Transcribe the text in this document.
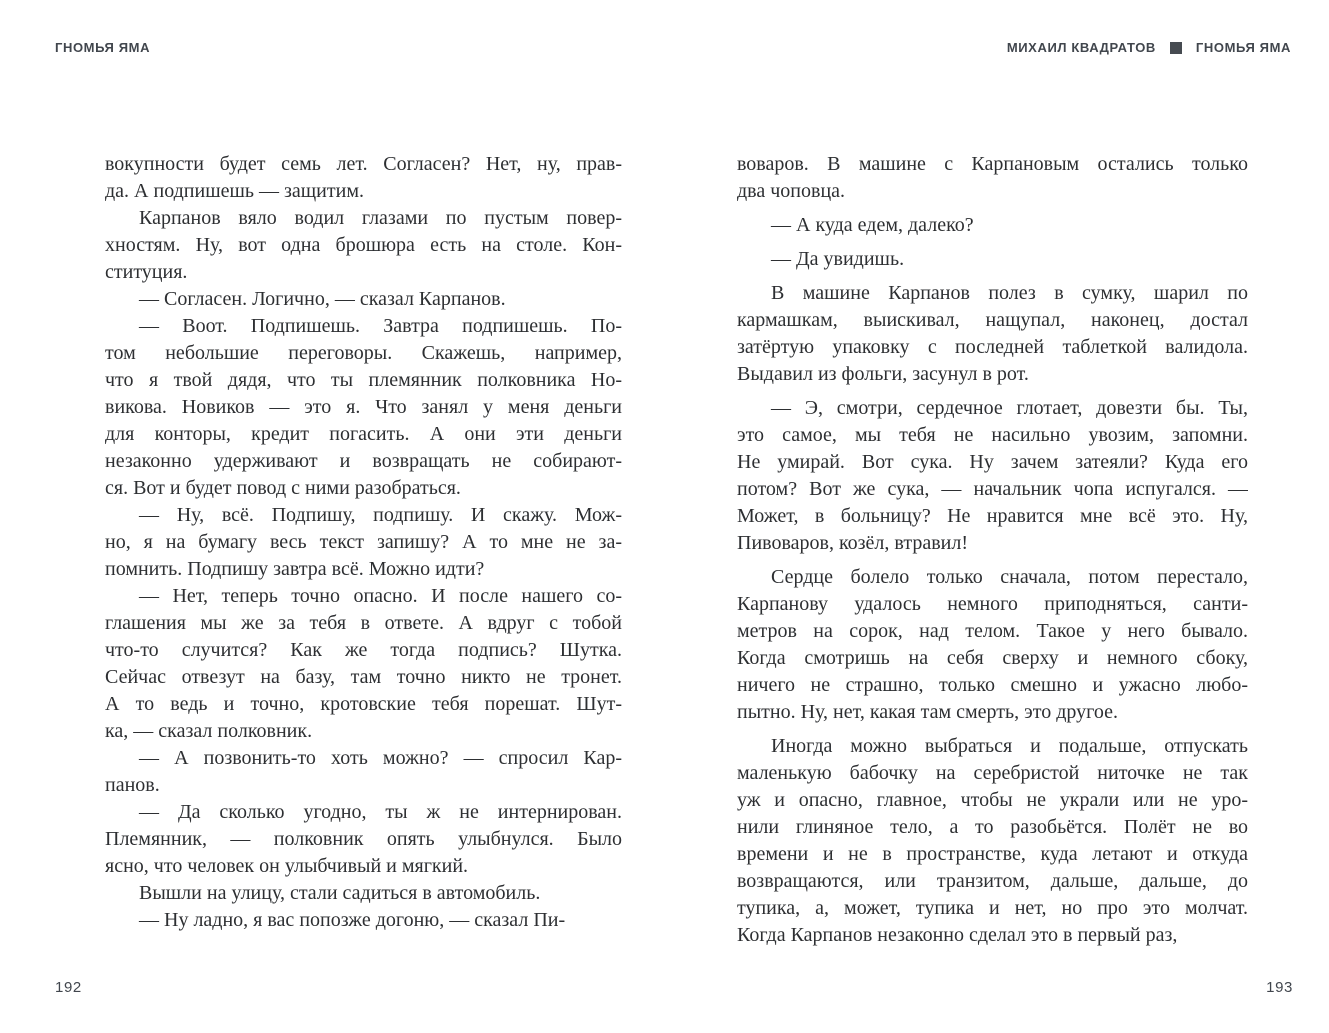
ГНОМЬЯ ЯМА	МИХАИЛ КВАДРАТОВ	ГНОМЬЯ ЯМА
вокупности будет семь лет. Согласен? Нет, ну, прав-
да. А подпишешь — защитим.
Карпанов вяло водил глазами по пустым повер-
хностям. Ну, вот одна брошюра есть на столе. Кон-
ституция.
— Согласен. Логично, — сказал Карпанов.
— Воот. Подпишешь. Завтра подпишешь. По-
том небольшие переговоры. Скажешь, например,
что я твой дядя, что ты племянник полковника Но-
викова. Новиков — это я. Что занял у меня деньги
для конторы, кредит погасить. А они эти деньги
незаконно удерживают и возвращать не собирают-
ся. Вот и будет повод с ними разобраться.
— Ну, всё. Подпишу, подпишу. И скажу. Мож-
но, я на бумагу весь текст запишу? А то мне не за-
помнить. Подпишу завтра всё. Можно идти?
— Нет, теперь точно опасно. И после нашего со-
глашения мы же за тебя в ответе. А вдруг с тобой
что-то случится? Как же тогда подпись? Шутка.
Сейчас отвезут на базу, там точно никто не тронет.
А то ведь и точно, кротовские тебя порешат. Шут-
ка, — сказал полковник.
— А позвонить-то хоть можно? — спросил Кар-
панов.
— Да сколько угодно, ты ж не интернирован.
Племянник, — полковник опять улыбнулся. Было
ясно, что человек он улыбчивый и мягкий.
Вышли на улицу, стали садиться в автомобиль.
— Ну ладно, я вас попозже догоню, — сказал Пи-
воваров. В машине с Карпановым остались только
два чоповца.
— А куда едем, далеко?
— Да увидишь.
В машине Карпанов полез в сумку, шарил по
кармашкам, выискивал, нащупал, наконец, достал
затёртую упаковку с последней таблеткой валидола.
Выдавил из фольги, засунул в рот.
— Э, смотри, сердечное глотает, довезти бы. Ты,
это самое, мы тебя не насильно увозим, запомни.
Не умирай. Вот сука. Ну зачем затеяли? Куда его
потом? Вот же сука, — начальник чопа испугался. —
Может, в больницу? Не нравится мне всё это. Ну,
Пивоваров, козёл, втравил!
Сердце болело только сначала, потом перестало,
Карпанову удалось немного приподняться, санти-
метров на сорок, над телом. Такое у него бывало.
Когда смотришь на себя сверху и немного сбоку,
ничего не страшно, только смешно и ужасно любо-
пытно. Ну, нет, какая там смерть, это другое.
Иногда можно выбраться и подальше, отпускать
маленькую бабочку на серебристой ниточке не так
уж и опасно, главное, чтобы не украли или не уро-
нили глиняное тело, а то разобьётся. Полёт не во
времени и не в пространстве, куда летают и откуда
возвращаются, или транзитом, дальше, дальше, до
тупика, а, может, тупика и нет, но про это молчат.
Когда Карпанов незаконно сделал это в первый раз,
192	193
